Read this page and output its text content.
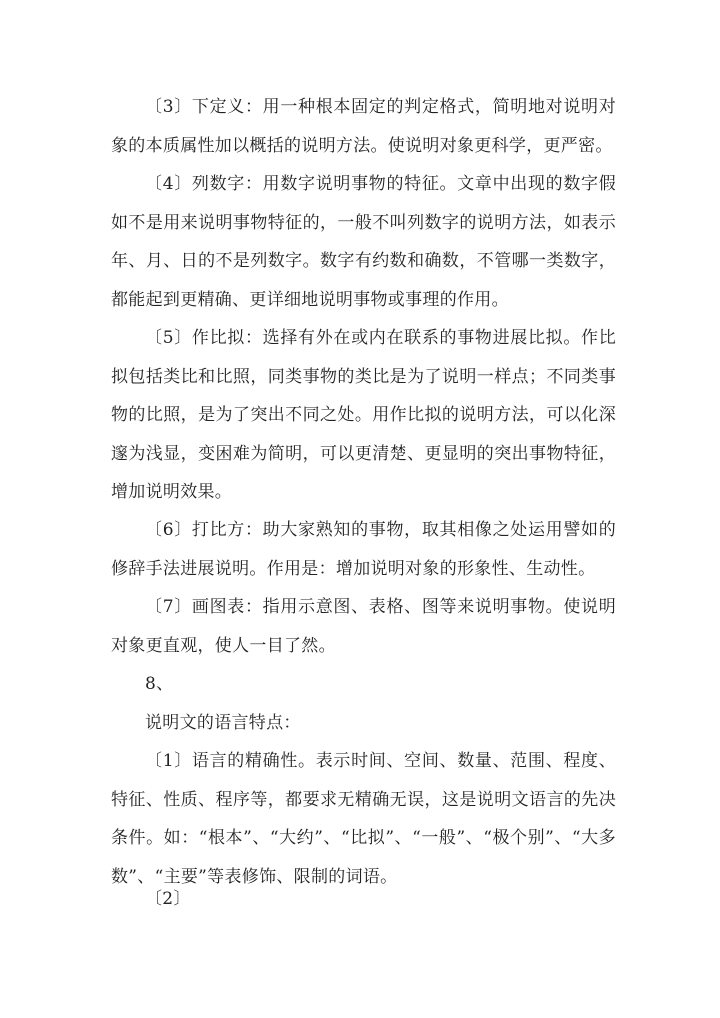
〔3〕下定义：用一种根本固定的判定格式，简明地对说明对象的本质属性加以概括的说明方法。使说明对象更科学，更严密。

〔4〕列数字：用数字说明事物的特征。文章中出现的数字假如不是用来说明事物特征的，一般不叫列数字的说明方法，如表示年、月、日的不是列数字。数字有约数和确数，不管哪一类数字，都能起到更精确、更详细地说明事物或事理的作用。

〔5〕作比拟：选择有外在或内在联系的事物进展比拟。作比拟包括类比和比照，同类事物的类比是为了说明一样点；不同类事物的比照，是为了突出不同之处。用作比拟的说明方法，可以化深邃为浅显，变困难为简明，可以更清楚、更显明的突出事物特征，增加说明效果。

〔6〕打比方：助大家熟知的事物，取其相像之处运用譬如的修辞手法进展说明。作用是：增加说明对象的形象性、生动性。

〔7〕画图表：指用示意图、表格、图等来说明事物。使说明对象更直观，使人一目了然。

8、

说明文的语言特点：

〔1〕语言的精确性。表示时间、空间、数量、范围、程度、特征、性质、程序等，都要求无精确无误，这是说明文语言的先决条件。如：“根本”、“大约”、“比拟”、“一般”、“极个别”、“大多数”、“主要”等表修饰、限制的词语。

〔2〕
